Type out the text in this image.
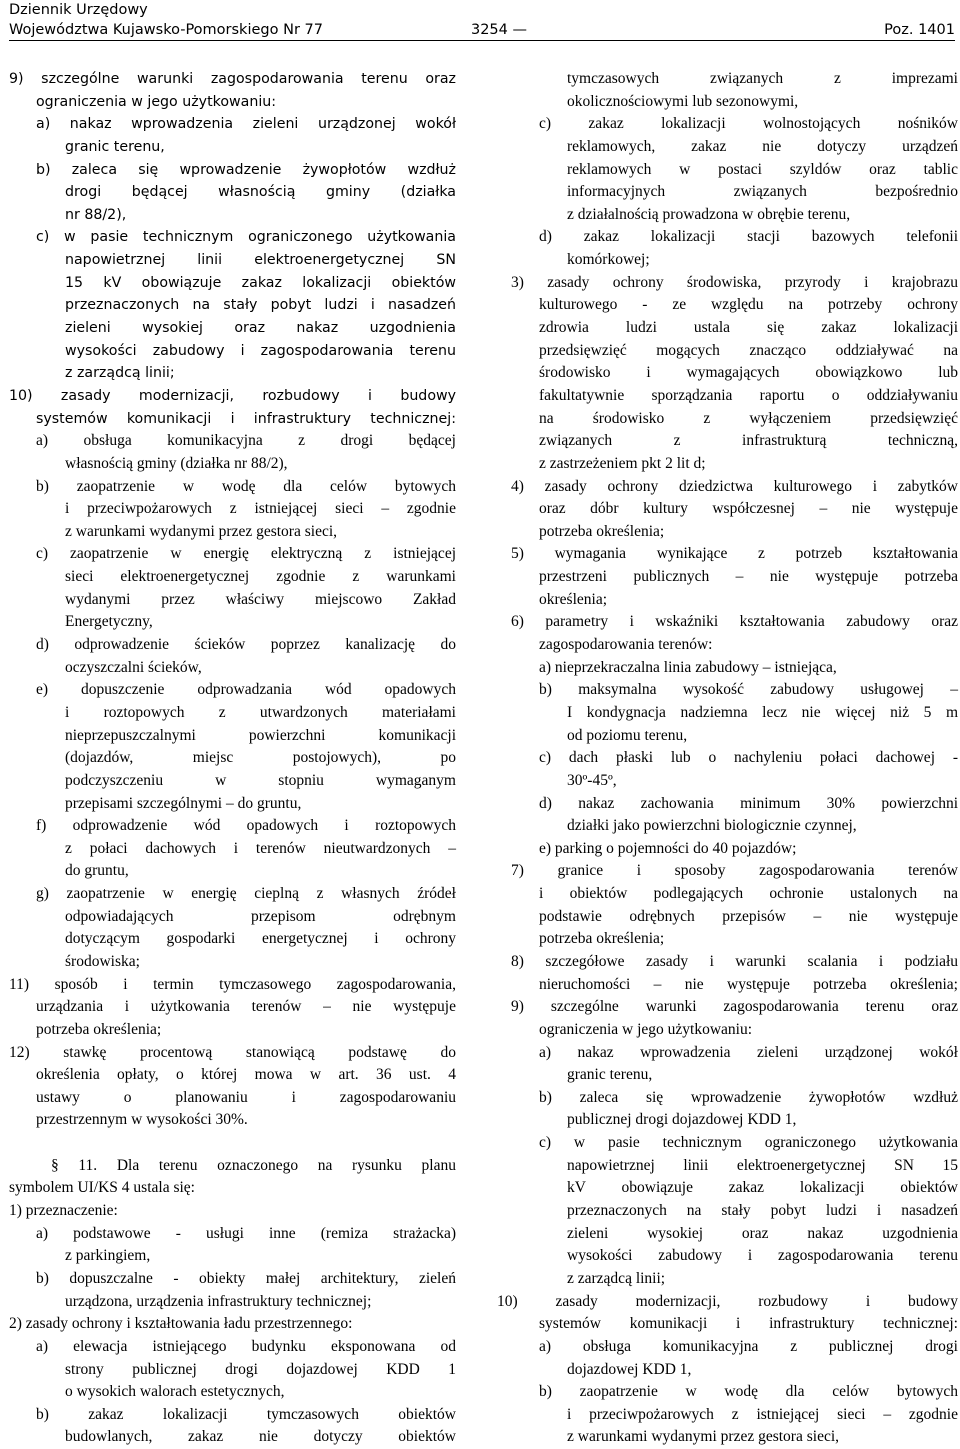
Dziennik Urzędowy
Województwa Kujawsko-Pomorskiego Nr 77	3254 —	Poz. 1401
9) szczególne warunki zagospodarowania terenu oraz
ograniczenia w jego użytkowaniu:
a) nakaz wprowadzenia zieleni urządzonej wokół
granic terenu,
b) zaleca się wprowadzenie żywopłotów wzdłuż
drogi będącej własnością gminy (działka
nr 88/2),
c) w pasie technicznym ograniczonego użytkowania
napowietrznej linii elektroenergetycznej SN
15 kV obowiązuje zakaz lokalizacji obiektów
przeznaczonych na stały pobyt ludzi i nasadzeń
zieleni wysokiej oraz nakaz uzgodnienia
wysokości zabudowy i zagospodarowania terenu
z zarządcą linii;
10) zasady modernizacji, rozbudowy i budowy
systemów komunikacji i infrastruktury technicznej:
a) obsługa komunikacyjna z drogi będącej
własnością gminy (działka nr 88/2),
b) zaopatrzenie w wodę dla celów bytowych
i przeciwpożarowych z istniejącej sieci – zgodnie
z warunkami wydanymi przez gestora sieci,
c) zaopatrzenie w energię elektryczną z istniejącej
sieci elektroenergetycznej zgodnie z warunkami
wydanymi przez właściwy miejscowo Zakład
Energetyczny,
d) odprowadzenie ścieków poprzez kanalizację do
oczyszczalni ścieków,
e) dopuszczenie odprowadzania wód opadowych
i roztopowych z utwardzonych materiałami
nieprzepuszczalnymi powierzchni komunikacji
(dojazdów, miejsc postojowych), po
podczyszczeniu w stopniu wymaganym
przepisami szczególnymi – do gruntu,
f) odprowadzenie wód opadowych i roztopowych
z połaci dachowych i terenów nieutwardzonych –
do gruntu,
g) zaopatrzenie w energię cieplną z własnych źródeł
odpowiadających przepisom odrębnym
dotyczącym gospodarki energetycznej i ochrony
środowiska;
11) sposób i termin tymczasowego zagospodarowania,
urządzania i użytkowania terenów – nie występuje
potrzeba określenia;
12) stawkę procentową stanowiącą podstawę do
określenia opłaty, o której mowa w art. 36 ust. 4
ustawy o planowaniu i zagospodarowaniu
przestrzennym w wysokości 30%.
§ 11. Dla terenu oznaczonego na rysunku planu
symbolem UI/KS 4 ustala się:
1) przeznaczenie:
a) podstawowe - usługi inne (remiza strażacka)
z parkingiem,
b) dopuszczalne - obiekty małej architektury, zieleń
urządzona, urządzenia infrastruktury technicznej;
2) zasady ochrony i kształtowania ładu przestrzennego:
a) elewacja istniejącego budynku eksponowana od
strony publicznej drogi dojazdowej KDD 1
o wysokich walorach estetycznych,
b) zakaz lokalizacji tymczasowych obiektów
budowlanych, zakaz nie dotyczy obiektów
tymczasowych związanych z imprezami
okolicznościowymi lub sezonowymi,
c) zakaz lokalizacji wolnostojących nośników
reklamowych, zakaz nie dotyczy urządzeń
reklamowych w postaci szyldów oraz tablic
informacyjnych związanych bezpośrednio
z działalnością prowadzona w obrębie terenu,
d) zakaz lokalizacji stacji bazowych telefonii
komórkowej;
3) zasady ochrony środowiska, przyrody i krajobrazu
kulturowego - ze względu na potrzeby ochrony
zdrowia ludzi ustala się zakaz lokalizacji
przedsięwzięć mogących znacząco oddziaływać na
środowisko i wymagających obowiązkowo lub
fakultatywnie sporządzania raportu o oddziaływaniu
na środowisko z wyłączeniem przedsięwzięć
związanych z infrastrukturą techniczną,
z zastrzeżeniem pkt 2 lit d;
4) zasady ochrony dziedzictwa kulturowego i zabytków
oraz dóbr kultury współczesnej – nie występuje
potrzeba określenia;
5) wymagania wynikające z potrzeb kształtowania
przestrzeni publicznych – nie występuje potrzeba
określenia;
6) parametry i wskaźniki kształtowania zabudowy oraz
zagospodarowania terenów:
a) nieprzekraczalna linia zabudowy – istniejąca,
b) maksymalna wysokość zabudowy usługowej –
I kondygnacja nadziemna lecz nie więcej niż 5 m
od poziomu terenu,
c) dach płaski lub o nachyleniu połaci dachowej -
30º-45º,
d) nakaz zachowania minimum 30% powierzchni
działki jako powierzchni biologicznie czynnej,
e) parking o pojemności do 40 pojazdów;
7) granice i sposoby zagospodarowania terenów
i obiektów podlegających ochronie ustalonych na
podstawie odrębnych przepisów – nie występuje
potrzeba określenia;
8) szczegółowe zasady i warunki scalania i podziału
nieruchomości – nie występuje potrzeba określenia;
9) szczególne warunki zagospodarowania terenu oraz
ograniczenia w jego użytkowaniu:
a) nakaz wprowadzenia zieleni urządzonej wokół
granic terenu,
b) zaleca się wprowadzenie żywopłotów wzdłuż
publicznej drogi dojazdowej KDD 1,
c) w pasie technicznym ograniczonego użytkowania
napowietrznej linii elektroenergetycznej SN 15
kV obowiązuje zakaz lokalizacji obiektów
przeznaczonych na stały pobyt ludzi i nasadzeń
zieleni wysokiej oraz nakaz uzgodnienia
wysokości zabudowy i zagospodarowania terenu
z zarządcą linii;
10) zasady modernizacji, rozbudowy i budowy
systemów komunikacji i infrastruktury technicznej:
a) obsługa komunikacyjna z publicznej drogi
dojazdowej KDD 1,
b) zaopatrzenie w wodę dla celów bytowych
i przeciwpożarowych z istniejącej sieci – zgodnie
z warunkami wydanymi przez gestora sieci,
